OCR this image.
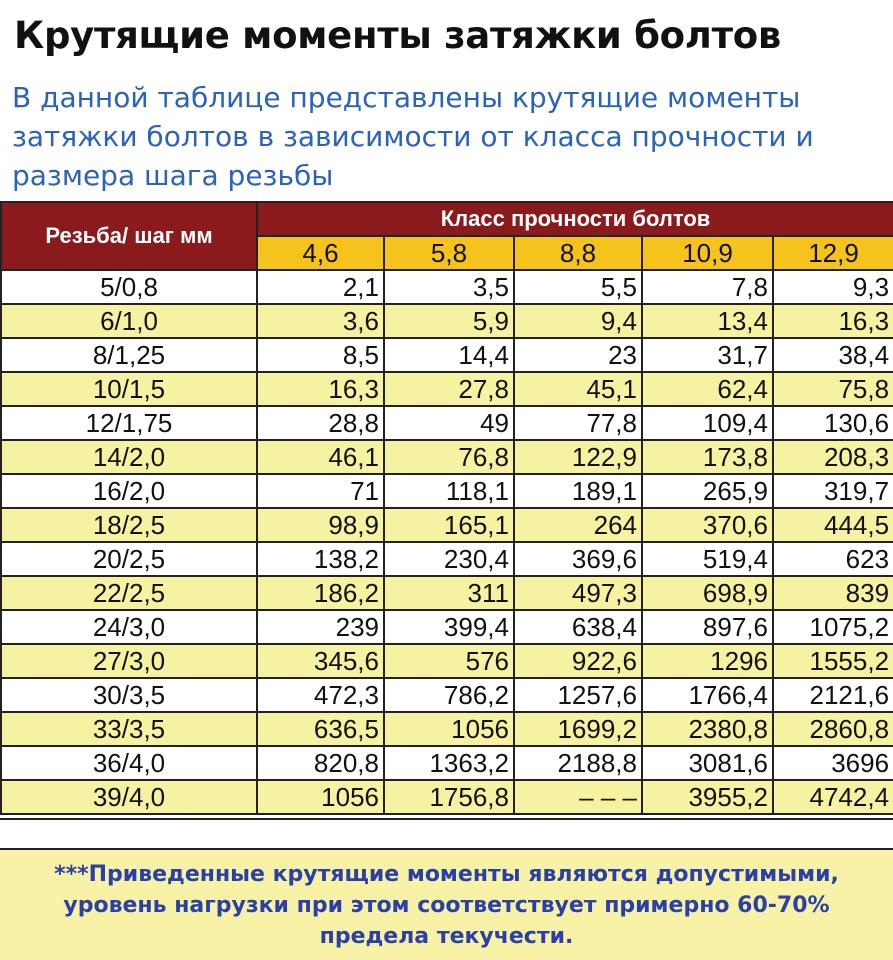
Крутящие моменты затяжки болтов
В данной таблице представлены крутящие моменты затяжки болтов в зависимости от класса прочности и размера шага резьбы
Резьба/ шаг мм	Класс прочности болтов				
	4,6	5,8	8,8	10,9	12,9
5/0,8	2,1	3,5	5,5	7,8	9,3
6/1,0	3,6	5,9	9,4	13,4	16,3
8/1,25	8,5	14,4	23	31,7	38,4
10/1,5	16,3	27,8	45,1	62,4	75,8
12/1,75	28,8	49	77,8	109,4	130,6
14/2,0	46,1	76,8	122,9	173,8	208,3
16/2,0	71	118,1	189,1	265,9	319,7
18/2,5	98,9	165,1	264	370,6	444,5
20/2,5	138,2	230,4	369,6	519,4	623
22/2,5	186,2	311	497,3	698,9	839
24/3,0	239	399,4	638,4	897,6	1075,2
27/3,0	345,6	576	922,6	1296	1555,2
30/3,5	472,3	786,2	1257,6	1766,4	2121,6
33/3,5	636,5	1056	1699,2	2380,8	2860,8
36/4,0	820,8	1363,2	2188,8	3081,6	3696
39/4,0	1056	1756,8	– – –	3955,2	4742,4
***Приведенные крутящие моменты являются допустимыми, уровень нагрузки при этом соответствует примерно 60-70% предела текучести.
